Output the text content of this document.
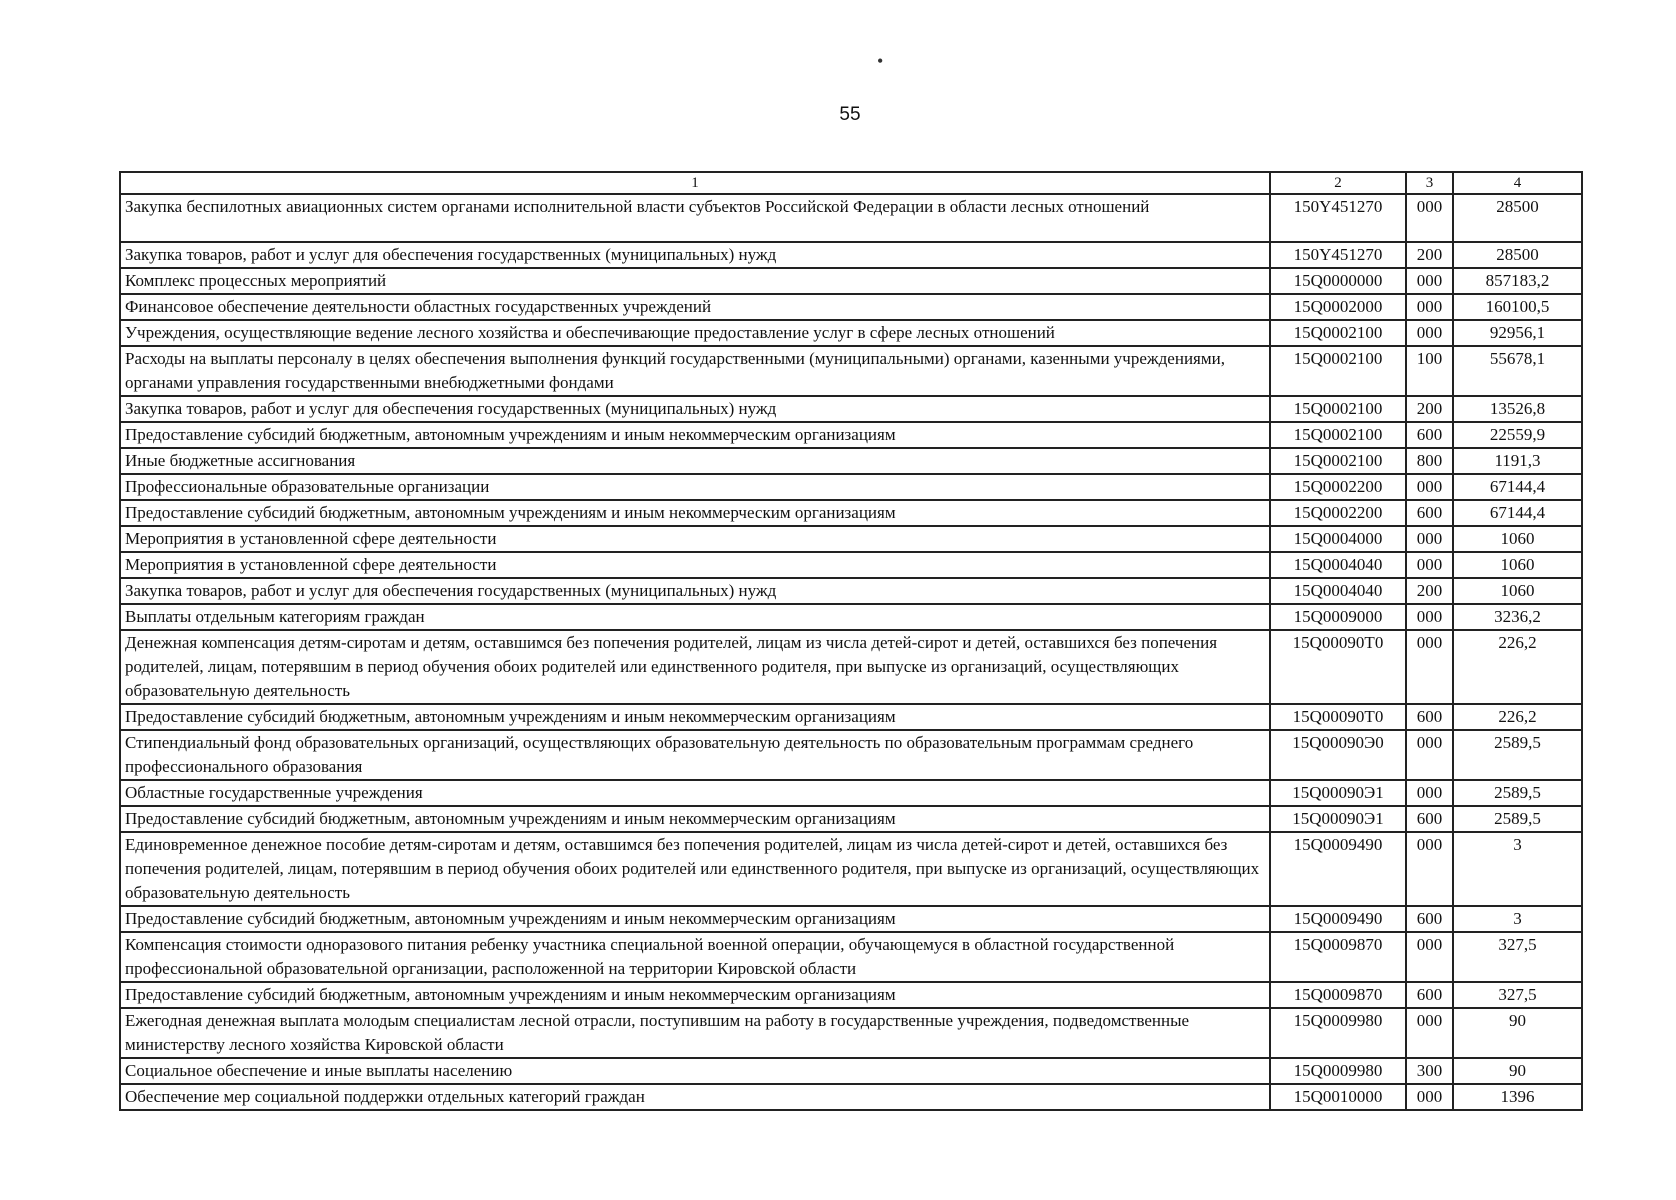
•
55
1	2	3	4
Закупка беспилотных авиационных систем органами исполнительной власти субъектов Российской Федерации в области лесных отношений	150Y451270	000	28500
Закупка товаров, работ и услуг для обеспечения государственных (муниципальных) нужд	150Y451270	200	28500
Комплекс процессных мероприятий	15Q0000000	000	857183,2
Финансовое обеспечение деятельности областных государственных учреждений	15Q0002000	000	160100,5
Учреждения, осуществляющие ведение лесного хозяйства и обеспечивающие предоставление услуг в сфере лесных отношений	15Q0002100	000	92956,1
Расходы на выплаты персоналу в целях обеспечения выполнения функций государственными (муниципальными) органами, казенными учреждениями, органами управления государственными внебюджетными фондами	15Q0002100	100	55678,1
Закупка товаров, работ и услуг для обеспечения государственных (муниципальных) нужд	15Q0002100	200	13526,8
Предоставление субсидий бюджетным, автономным учреждениям и иным некоммерческим организациям	15Q0002100	600	22559,9
Иные бюджетные ассигнования	15Q0002100	800	1191,3
Профессиональные образовательные организации	15Q0002200	000	67144,4
Предоставление субсидий бюджетным, автономным учреждениям и иным некоммерческим организациям	15Q0002200	600	67144,4
Мероприятия в установленной сфере деятельности	15Q0004000	000	1060
Мероприятия в установленной сфере деятельности	15Q0004040	000	1060
Закупка товаров, работ и услуг для обеспечения государственных (муниципальных) нужд	15Q0004040	200	1060
Выплаты отдельным категориям граждан	15Q0009000	000	3236,2
Денежная компенсация детям-сиротам и детям, оставшимся без попечения родителей, лицам из числа детей-сирот и детей, оставшихся без попечения родителей, лицам, потерявшим в период обучения обоих родителей или единственного родителя, при выпуске из организаций, осуществляющих образовательную деятельность	15Q00090Т0	000	226,2
Предоставление субсидий бюджетным, автономным учреждениям и иным некоммерческим организациям	15Q00090Т0	600	226,2
Стипендиальный фонд образовательных организаций, осуществляющих образовательную деятельность по образовательным программам среднего профессионального образования	15Q00090Э0	000	2589,5
Областные государственные учреждения	15Q00090Э1	000	2589,5
Предоставление субсидий бюджетным, автономным учреждениям и иным некоммерческим организациям	15Q00090Э1	600	2589,5
Единовременное денежное пособие детям-сиротам и детям, оставшимся без попечения родителей, лицам из числа детей-сирот и детей, оставшихся без попечения родителей, лицам, потерявшим в период обучения обоих родителей или единственного родителя, при выпуске из организаций, осуществляющих образовательную деятельность	15Q0009490	000	3
Предоставление субсидий бюджетным, автономным учреждениям и иным некоммерческим организациям	15Q0009490	600	3
Компенсация стоимости одноразового питания ребенку участника специальной военной операции, обучающемуся в областной государственной профессиональной образовательной организации, расположенной на территории Кировской области	15Q0009870	000	327,5
Предоставление субсидий бюджетным, автономным учреждениям и иным некоммерческим организациям	15Q0009870	600	327,5
Ежегодная денежная выплата молодым специалистам лесной отрасли, поступившим на работу в государственные учреждения, подведомственные министерству лесного хозяйства Кировской области	15Q0009980	000	90
Социальное обеспечение и иные выплаты населению	15Q0009980	300	90
Обеспечение мер социальной поддержки отдельных категорий граждан	15Q0010000	000	1396
